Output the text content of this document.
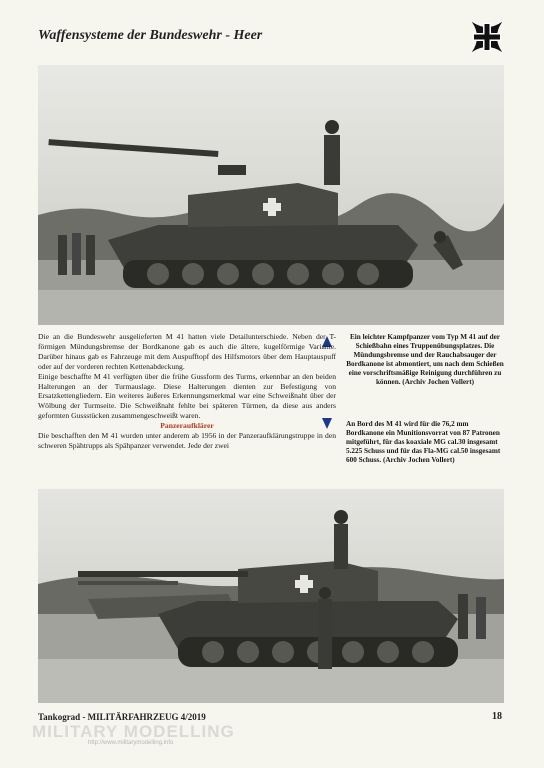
Waffensysteme der Bundeswehr - Heer
Ein leichter Kampfpanzer vom Typ M 41 auf der Schießbahn eines Truppenübungsplatzes. Die Mündungsbremse und der Rauchabsauger der Bordkanone ist abmontiert, um nach dem Schießen eine vorschriftsmäßige Reinigung durchführen zu können. (Archiv Jochen Vollert)
An Bord des M 41 wird für die 76,2 mm Bordkanone ein Munitionsvorrat von 87 Patronen mitgeführt, für das koaxiale MG cal.30 insgesamt 5.225 Schuss und für das Fla-MG cal.50 insgesamt 600 Schuss. (Archiv Jochen Vollert)

Die an die Bundeswehr ausgelieferten M 41 hatten viele Detailunterschiede. Neben der T-förmigen Mündungsbremse der Bordkanone gab es auch die ältere, kugelförmige Variante. Darüber hinaus gab es Fahrzeuge mit dem Auspufftopf des Hilfsmotors über dem Hauptauspuff oder auf der vorderen rechten Kettenabdeckung.

Einige beschaffte M 41 verfügten über die frühe Gussform des Turms, erkennbar an den beiden Halterungen an der Turmauslage. Diese Halterungen dienten zur Befestigung von Ersatzkettengliedern. Ein weiteres äußeres Erkennungsmerkmal war eine Schweißnaht über der Wölbung der Turmseite. Die Schweißnaht fehlte bei späteren Türmen, da diese aus anders geformten Gussstücken zusammengeschweißt waren.

Panzeraufklärer

Die beschafften den M 41 wurden unter anderem ab 1956 in der Panzeraufklärungstruppe in den schweren Spähtrupps als Spähpanzer verwendet. Jede der zwei

Tankograd - MILITÄRFAHRZEUG 4/2019	18
MILITARY MODELLING
http://www.militarymodelling.info
